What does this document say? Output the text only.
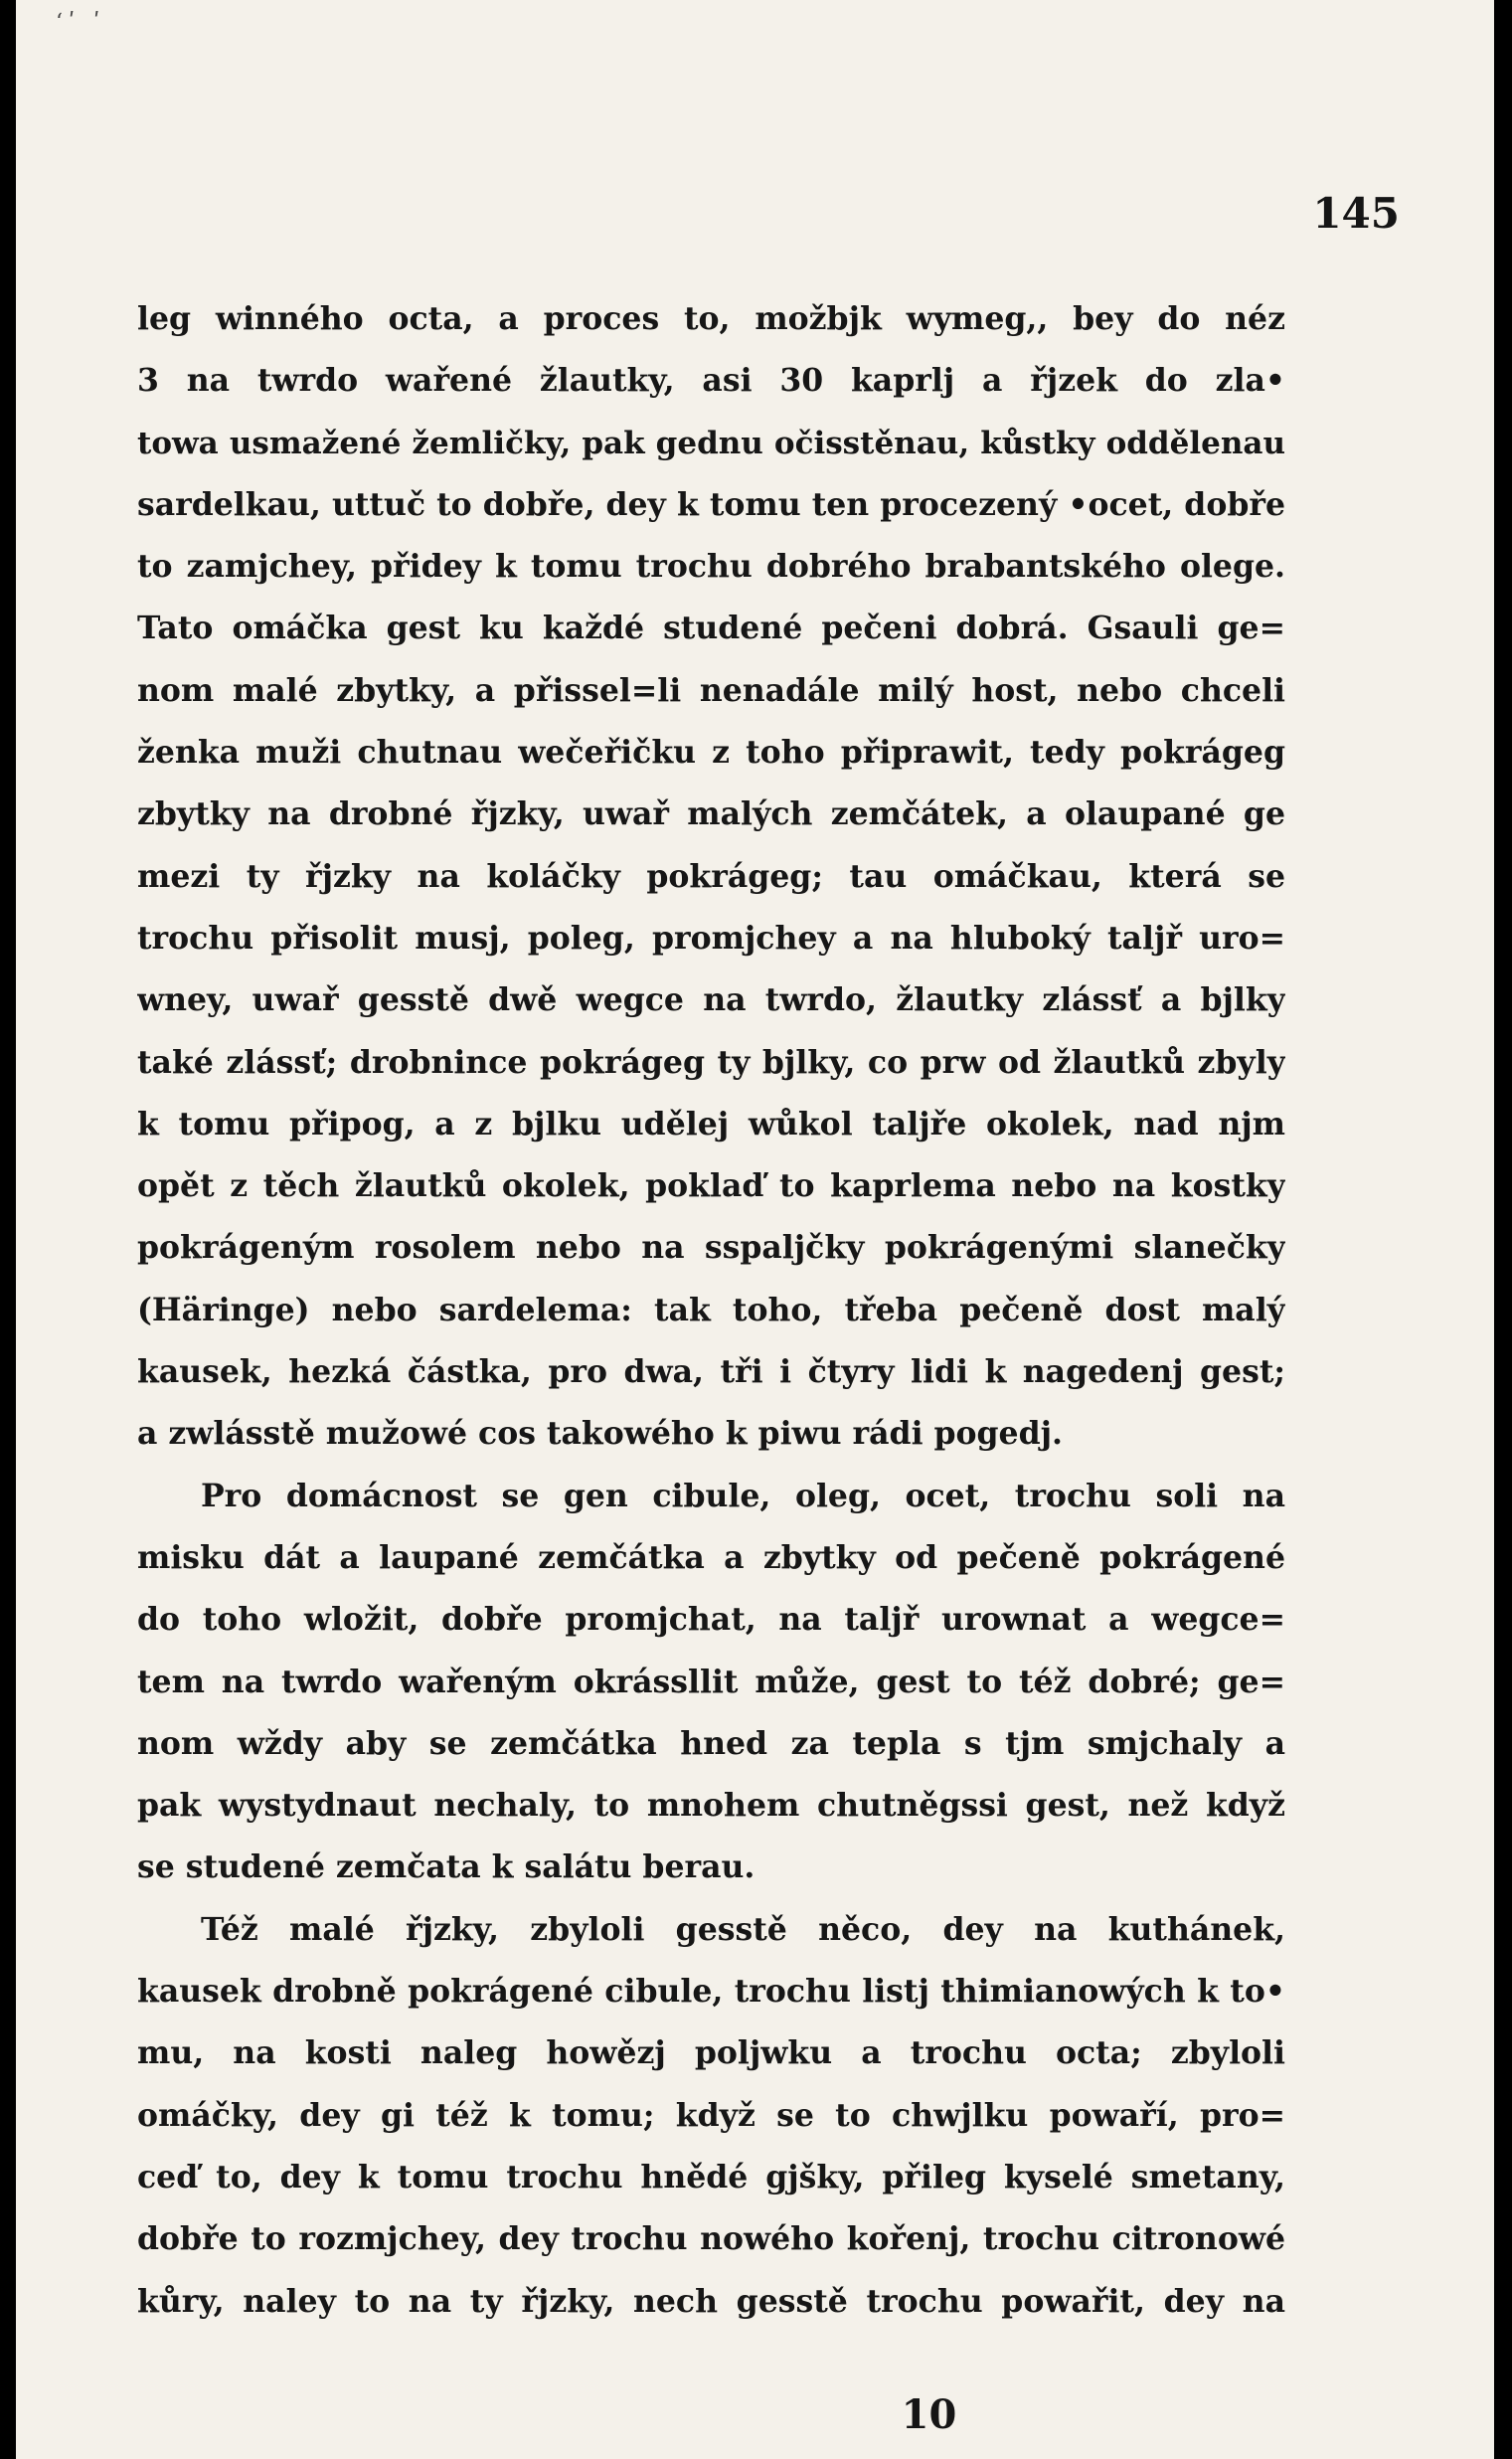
ʻʹ ʹ
145
leg winného octa, a proces to, možbjk wymeg,, bey do néz
3 na twrdo wařené žlautky, asi 30 kaprlj a řjzek do zla•
towa usmažené žemličky, pak gednu očisstěnau, kůstky oddělenau
sardelkau, uttuč to dobře, dey k tomu ten procezený •ocet, dobře
to zamjchey, přidey k tomu trochu dobrého brabantského olege.
Tato omáčka gest ku každé studené pečeni dobrá. Gsauli ge=
nom malé zbytky, a přissel=li nenadále milý host, nebo chceli
ženka muži chutnau wečeřičku z toho připrawit, tedy pokrágeg
zbytky na drobné řjzky, uwař malých zemčátek, a olaupané ge
mezi ty řjzky na koláčky pokrágeg; tau omáčkau, která se
trochu přisolit musj, poleg, promjchey a na hluboký taljř uro=
wney, uwař gesstě dwě wegce na twrdo, žlautky zlássť a bjlky
také zlássť; drobnince pokrágeg ty bjlky, co prw od žlautků zbyly
k tomu připog, a z bjlku udělej wůkol taljře okolek, nad njm
opět z těch žlautků okolek, poklaď to kaprlema nebo na kostky
pokrágeným rosolem nebo na sspaljčky pokrágenými slanečky
(Häringe) nebo sardelema: tak toho, třeba pečeně dost malý
kausek, hezká částka, pro dwa, tři i čtyry lidi k nagedenj gest;
a zwlásstě mužowé cos takowého k piwu rádi pogedj.
Pro domácnost se gen cibule, oleg, ocet, trochu soli na
misku dát a laupané zemčátka a zbytky od pečeně pokrágené
do toho wložit, dobře promjchat, na taljř urownat a wegce=
tem na twrdo wařeným okrássllit může, gest to též dobré; ge=
nom wždy aby se zemčátka hned za tepla s tjm smjchaly a
pak wystydnaut nechaly, to mnohem chutněgssi gest, než když
se studené zemčata k salátu berau.
Též malé řjzky, zbyloli gesstě něco, dey na kuthánek,
kausek drobně pokrágené cibule, trochu listj thimianowých k to•
mu, na kosti naleg howězj poljwku a trochu octa; zbyloli
omáčky, dey gi též k tomu; když se to chwjlku powaří, pro=
ceď to, dey k tomu trochu hnědé gjšky, přileg kyselé smetany,
dobře to rozmjchey, dey trochu nowého kořenj, trochu citronowé
kůry, naley to na ty řjzky, nech gesstě trochu powařit, dey na
10
